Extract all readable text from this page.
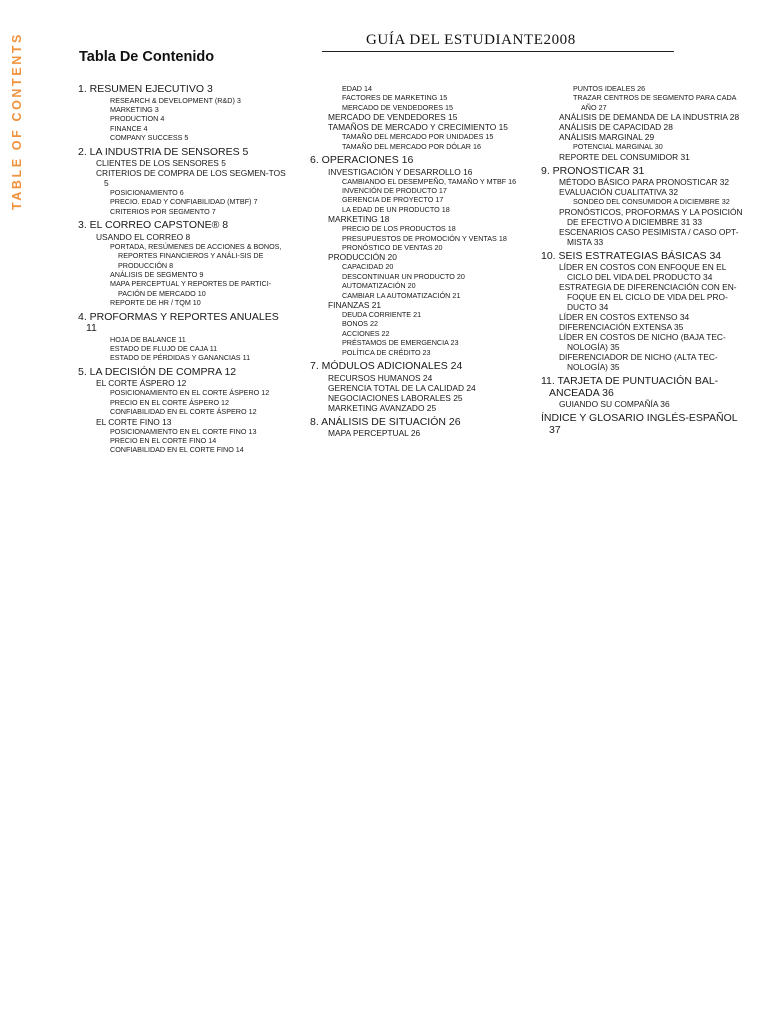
TABLE OF CONTENTS	GUÍA DEL ESTUDIANTE2008
Tabla De Contenido

1. RESUMEN EJECUTIVO 3

RESEARCH & DEVELOPMENT (R&D) 3

MARKETING 3

PRODUCTION 4

FINANCE 4

COMPANY SUCCESS 5

2. LA INDUSTRIA DE SENSORES 5

CLIENTES DE LOS SENSORES 5

CRITERIOS DE COMPRA DE LOS SEGMEN-TOS 5

POSICIONAMIENTO 6

PRECIO. EDAD Y CONFIABILIDAD (MTBF) 7

CRITERIOS POR SEGMENTO 7

3. EL CORREO CAPSTONE® 8

USANDO EL CORREO 8

PORTADA, RESÚMENES DE ACCIONES & BONOS, REPORTES FINANCIEROS Y ANÁLI-SIS DE PRODUCCIÓN 8

ANÁLISIS DE SEGMENTO 9

MAPA PERCEPTUAL Y REPORTES DE PARTICI-PACIÓN DE MERCADO 10

REPORTE DE HR / TQM 10

4. PROFORMAS Y REPORTES ANUALES 11

HOJA DE BALANCE 11

ESTADO DE FLUJO DE CAJA 11

ESTADO DE PÉRDIDAS Y GANANCIAS 11

5. LA DECISIÓN DE COMPRA 12

EL CORTE ÁSPERO 12

POSICIONAMIENTO EN EL CORTE ÁSPERO 12

PRECIO EN EL CORTE ÁSPERO 12

CONFIABILIDAD EN EL CORTE ÁSPERO 12

EL CORTE FINO 13

POSICIONAMIENTO EN EL CORTE FINO 13

PRECIO EN EL CORTE FINO 14

CONFIABILIDAD EN EL CORTE FINO 14

EDAD 14

FACTORES DE MARKETING 15

MERCADO DE VENDEDORES 15

MERCADO DE VENDEDORES 15

TAMAÑOS DE MERCADO Y CRECIMIENTO 15

TAMAÑO DEL MERCADO POR UNIDADES 15

TAMAÑO DEL MERCADO POR DÓLAR 16

6. OPERACIONES 16

INVESTIGACIÓN Y DESARROLLO 16

CAMBIANDO EL DESEMPEÑO, TAMAÑO Y MTBF 16

INVENCIÓN DE PRODUCTO 17

GERENCIA DE PROYECTO 17

LA EDAD DE UN PRODUCTO 18

MARKETING 18

PRECIO DE LOS PRODUCTOS 18

PRESUPUESTOS DE PROMOCIÓN Y VENTAS 18

PRONÓSTICO DE VENTAS 20

PRODUCCIÓN 20

CAPACIDAD 20

DESCONTINUAR UN PRODUCTO 20

AUTOMATIZACIÓN 20

CAMBIAR LA AUTOMATIZACIÓN 21

FINANZAS 21

DEUDA CORRIENTE 21

BONOS 22

ACCIONES 22

PRÉSTAMOS DE EMERGENCIA 23

POLÍTICA DE CRÉDITO 23

7. MÓDULOS ADICIONALES 24

RECURSOS HUMANOS 24

GERENCIA TOTAL DE LA CALIDAD 24

NEGOCIACIONES LABORALES 25

MARKETING AVANZADO 25

8. ANÁLISIS DE SITUACIÓN 26

MAPA PERCEPTUAL 26

PUNTOS IDEALES 26

TRAZAR CENTROS DE SEGMENTO PARA CADA AÑO 27

ANÁLISIS DE DEMANDA DE LA INDUSTRIA 28

ANÁLISIS DE CAPACIDAD 28

ANÁLISIS MARGINAL 29

POTENCIAL MARGINAL 30

REPORTE DEL CONSUMIDOR 31

9. PRONOSTICAR 31

MÉTODO BÁSICO PARA PRONOSTICAR 32

EVALUACIÓN CUALITATIVA 32

SONDEO DEL CONSUMIDOR A DICIEMBRE 32

PRONÓSTICOS, PROFORMAS Y LA POSICIÓN DE EFECTIVO A DICIEMBRE 31 33

ESCENARIOS CASO PESIMISTA / CASO OPT-MISTA 33

10. SEIS ESTRATEGIAS BÁSICAS 34

LÍDER EN COSTOS CON ENFOQUE EN EL CICLO DEL VIDA DEL PRODUCTO 34

ESTRATEGIA DE DIFERENCIACIÓN CON EN-FOQUE EN EL CICLO DE VIDA DEL PRO-DUCTO 34

LÍDER EN COSTOS EXTENSO 34

DIFERENCIACIÓN EXTENSA 35

LÍDER EN COSTOS DE NICHO (BAJA TEC-NOLOGÍA) 35

DIFERENCIADOR DE NICHO (ALTA TEC-NOLOGÍA) 35

11. TARJETA DE PUNTUACIÓN BAL-ANCEADA 36

GUIANDO SU COMPAÑÍA 36

ÍNDICE Y GLOSARIO INGLÉS-ESPAÑOL 37
